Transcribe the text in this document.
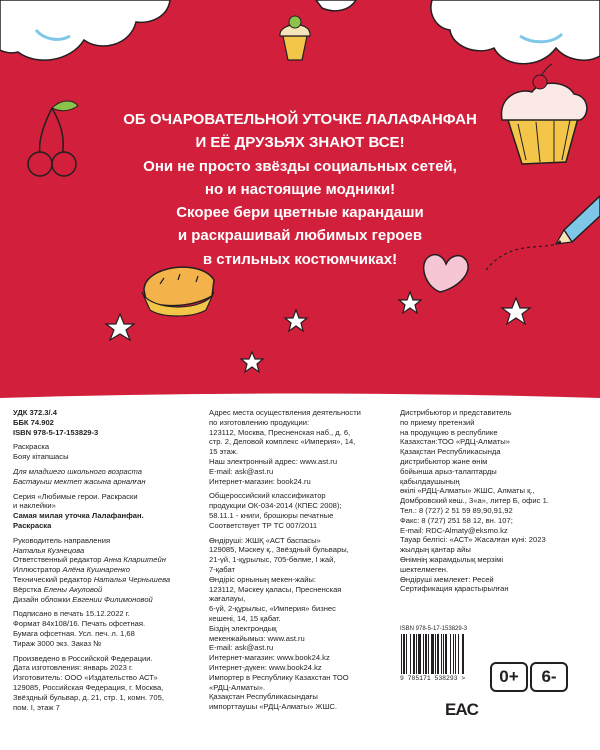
ОБ ОЧАРОВАТЕЛЬНОЙ УТОЧКЕ ЛАЛАФАНФАН
И ЕЁ ДРУЗЬЯХ ЗНАЮТ ВСЕ!
Они не просто звёзды социальных сетей,
но и настоящие модники!
Скорее бери цветные карандаши
и раскрашивай любимых героев
в стильных костюмчиках!
УДК 372.3/.4
ББК 74.902
ISBN 978-5-17-153829-3
Раскраска
Бояу кітапшасы
Для младшего школьного возраста
Бастауыш мектеп жасына арналған
Серия «Любимые герои. Раскраски
и наклейки»
Самая милая уточка Лалафанфан.
Раскраска
Руководитель направления
Наталья Кузнецова
Ответственный редактор Анна Кларштейн
Иллюстратор Алёна Кушнаренко
Технический редактор Наталья Чернышева
Вёрстка Елены Акуловой
Дизайн обложки Евгении Филимоновой
Подписано в печать 15.12.2022 г.
Формат 84x108/16. Печать офсетная.
Бумага офсетная. Усл. печ. л. 1,68
Тираж 3000 экз. Заказ №
Произведено в Российской Федерации.
Дата изготовления: январь 2023 г.
Изготовитель: ООО «Издательство АСТ»
129085, Российская Федерация, г. Москва,
Звёздный бульвар, д. 21, стр. 1, комн. 705,
пом. I, этаж 7
Адрес места осуществления деятельности
по изготовлению продукции:
123112, Москва, Пресненская наб., д. 6,
стр. 2, Деловой комплекс «Империя», 14,
15 этаж.
Наш электронный адрес: www.ast.ru
E-mail: ask@ast.ru
Интернет-магазин: book24.ru
Общероссийский классификатор
продукции ОК-034-2014 (КПЕС 2008);
58.11.1 - книги, брошюры печатные
Соответствует ТР ТС 007/2011
Өндіруші: ЖШҚ «АСТ баспасы»
129085, Мәскеу қ., Звёздный бульвары,
21-үй, 1-құрылыс, 705-бөлме, I жай,
7-қабат
Өндіріс орнының мекен-жайы:
123112, Мәскеу қаласы, Пресненская
жағалауы,
6-үй, 2-құрылыс, «Империя» бизнес
кешені, 14, 15 қабат.
Біздің электрондық
мекенжайымыз: www.ast.ru
E-mail: ask@ast.ru
Интернет-магазин: www.book24.kz
Интернет-дүкен: www.book24.kz
Импортер в Республику Казахстан ТОО
«РДЦ-Алматы».
Қазақстан Республикасындағы
импорттаушы «РДЦ-Алматы» ЖШС.
Дистрибьютор и представитель
по приему претензий
на продукцию в республике
Казахстан:ТОО «РДЦ-Алматы»
Қазақстан Республикасында
дистрибьютор және өнім
бойынша арыз-талаптарды
қабылдаушының
өкілі «РДЦ-Алматы» ЖШС, Алматы қ.,
Домбровский көш., 3«а», литер Б, офис 1.
Тел.: 8 (727) 2 51 59 89,90,91,92
Факс: 8 (727) 251 58 12, вн. 107;
E-mail: RDC-Almaty@eksmo.kz
Тауар белгісі: «АСТ» Жасалған күні: 2023
жылдың қантар айы
Өнімнің жарамдылық мерзімі
шектелмеген.
Өндіруші мемлекет: Ресей
Сертификация қарастырылған
ISBN 978-5-17-153829-3
9 785171 538293 >	0+	6-
EAC
